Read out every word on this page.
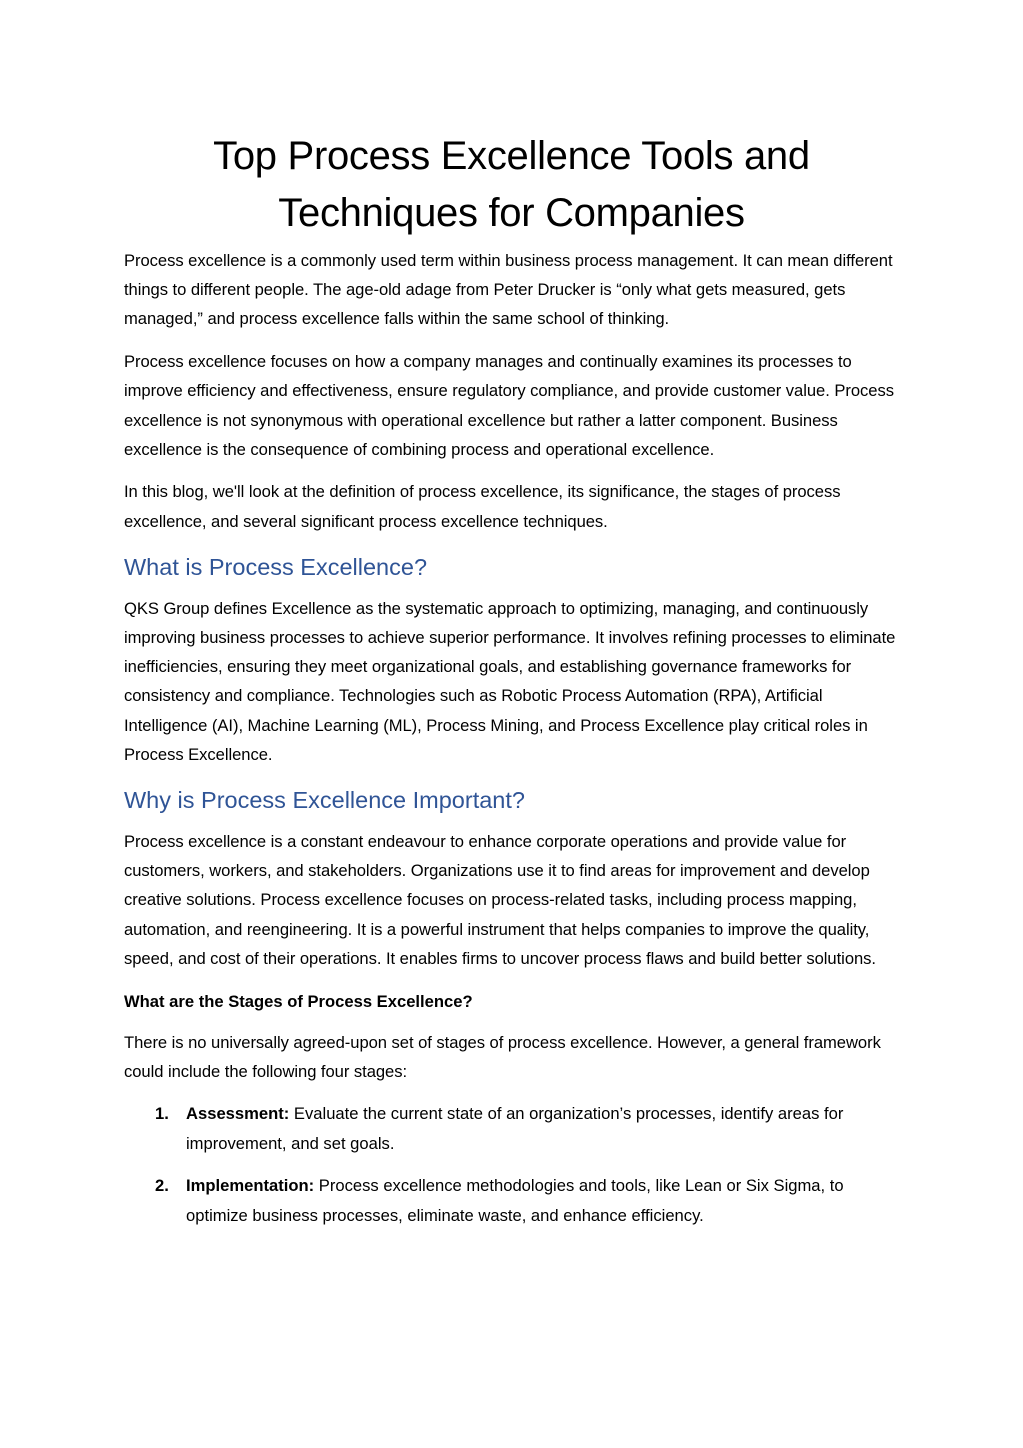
Top Process Excellence Tools and
Techniques for Companies

Process excellence is a commonly used term within business process management. It can mean different things to different people. The age-old adage from Peter Drucker is “only what gets measured, gets managed,” and process excellence falls within the same school of thinking.

Process excellence focuses on how a company manages and continually examines its processes to improve efficiency and effectiveness, ensure regulatory compliance, and provide customer value. Process excellence is not synonymous with operational excellence but rather a latter component. Business excellence is the consequence of combining process and operational excellence.

In this blog, we'll look at the definition of process excellence, its significance, the stages of process excellence, and several significant process excellence techniques.

What is Process Excellence?

QKS Group defines Excellence as the systematic approach to optimizing, managing, and continuously improving business processes to achieve superior performance. It involves refining processes to eliminate inefficiencies, ensuring they meet organizational goals, and establishing governance frameworks for consistency and compliance. Technologies such as Robotic Process Automation (RPA), Artificial Intelligence (AI), Machine Learning (ML), Process Mining, and Process Excellence play critical roles in Process Excellence.

Why is Process Excellence Important?

Process excellence is a constant endeavour to enhance corporate operations and provide value for customers, workers, and stakeholders. Organizations use it to find areas for improvement and develop creative solutions. Process excellence focuses on process-related tasks, including process mapping, automation, and reengineering. It is a powerful instrument that helps companies to improve the quality, speed, and cost of their operations. It enables firms to uncover process flaws and build better solutions.

What are the Stages of Process Excellence?

There is no universally agreed-upon set of stages of process excellence. However, a general framework could include the following four stages:

1. Assessment: Evaluate the current state of an organization’s processes, identify areas for improvement, and set goals.
2. Implementation: Process excellence methodologies and tools, like Lean or Six Sigma, to optimize business processes, eliminate waste, and enhance efficiency.
